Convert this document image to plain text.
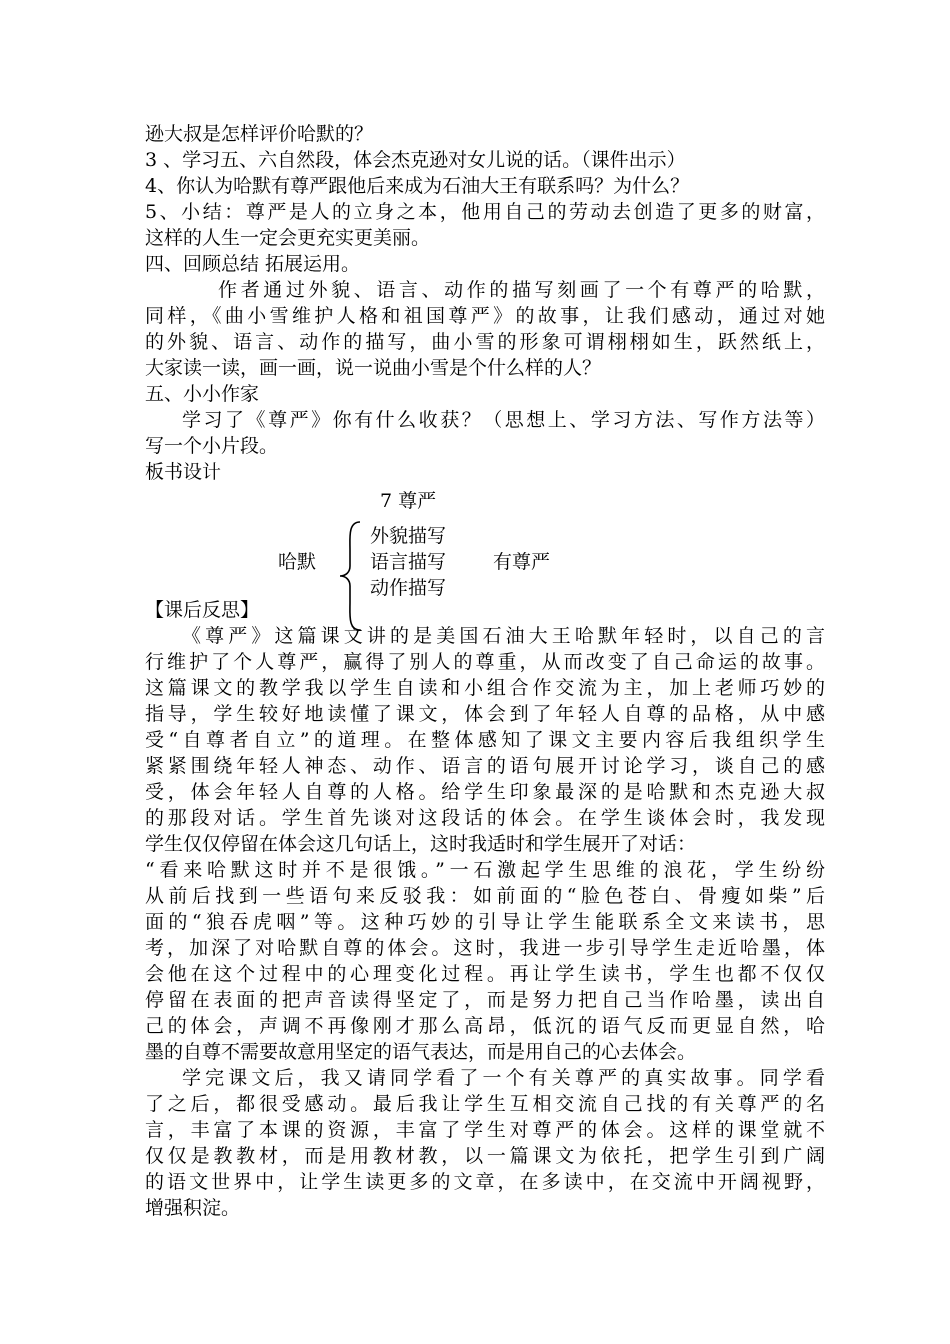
逊大叔是怎样评价哈默的？
3 、学习五、六自然段，体会杰克逊对女儿说的话。（课件出示）
4、你认为哈默有尊严跟他后来成为石油大王有联系吗？为什么？
5、小结：尊严是人的立身之本，他用自己的劳动去创造了更多的财富，
这样的人生一定会更充实更美丽。
四、回顾总结 拓展运用。
作者通过外貌、语言、动作的描写刻画了一个有尊严的哈默，
同样，《曲小雪维护人格和祖国尊严》的故事，让我们感动，通过对她
的外貌、语言、动作的描写，曲小雪的形象可谓栩栩如生，跃然纸上，
大家读一读，画一画，说一说曲小雪是个什么样的人？
五、小小作家
学习了《尊严》你有什么收获？（思想上、学习方法、写作方法等）
写一个小片段。
板书设计
7 尊严
哈默
外貌描写
语言描写
动作描写
有尊严
【课后反思】
《尊严》这篇课文讲的是美国石油大王哈默年轻时，以自己的言
行维护了个人尊严，赢得了别人的尊重，从而改变了自己命运的故事。
这篇课文的教学我以学生自读和小组合作交流为主，加上老师巧妙的
指导，学生较好地读懂了课文，体会到了年轻人自尊的品格，从中感
受“自尊者自立”的道理。在整体感知了课文主要内容后我组织学生
紧紧围绕年轻人神态、动作、语言的语句展开讨论学习，谈自己的感
受，体会年轻人自尊的人格。给学生印象最深的是哈默和杰克逊大叔
的那段对话。学生首先谈对这段话的体会。在学生谈体会时，我发现
学生仅仅停留在体会这几句话上，这时我适时和学生展开了对话：
“看来哈默这时并不是很饿。”一石激起学生思维的浪花，学生纷纷
从前后找到一些语句来反驳我：如前面的“脸色苍白、骨瘦如柴”后
面的“狼吞虎咽”等。这种巧妙的引导让学生能联系全文来读书，思
考，加深了对哈默自尊的体会。这时，我进一步引导学生走近哈墨，体
会他在这个过程中的心理变化过程。再让学生读书，学生也都不仅仅
停留在表面的把声音读得坚定了，而是努力把自己当作哈墨，读出自
己的体会，声调不再像刚才那么高昂，低沉的语气反而更显自然，哈
墨的自尊不需要故意用坚定的语气表达，而是用自己的心去体会。
学完课文后，我又请同学看了一个有关尊严的真实故事。同学看
了之后，都很受感动。最后我让学生互相交流自己找的有关尊严的名
言，丰富了本课的资源，丰富了学生对尊严的体会。这样的课堂就不
仅仅是教教材，而是用教材教，以一篇课文为依托，把学生引到广阔
的语文世界中，让学生读更多的文章，在多读中，在交流中开阔视野，
增强积淀。
